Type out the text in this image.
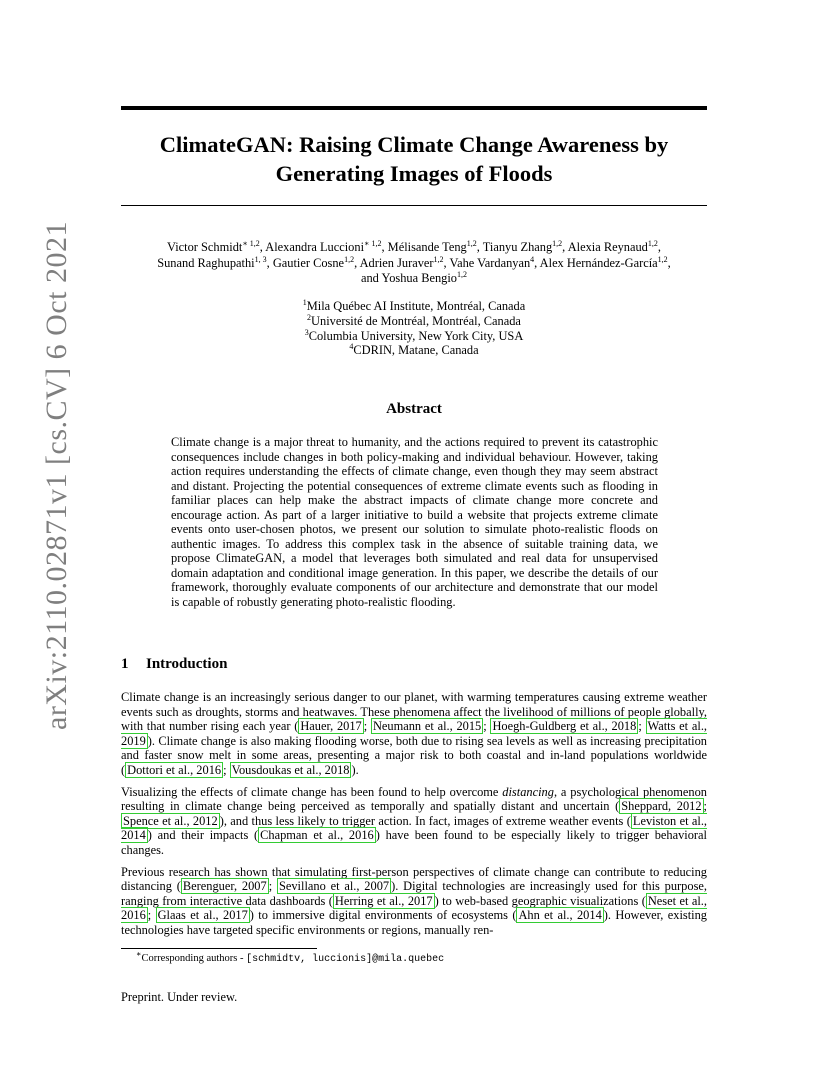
arXiv:2110.02871v1 [cs.CV] 6 Oct 2021
ClimateGAN: Raising Climate Change Awareness by
Generating Images of Floods
Victor Schmidt$^{∗ 1,2}$, Alexandra Luccioni$^{∗ 1,2}$, Mélisande Teng$^{1,2}$, Tianyu Zhang$^{1,2}$, Alexia Reynaud$^{1,2}$,
Sunand Raghupathi$^{1, 3}$, Gautier Cosne$^{1,2}$, Adrien Juraver$^{1,2}$, Vahe Vardanyan$^4$, Alex Hernández-García$^{1,2}$,
and Yoshua Bengio$^{1,2}$
$^1$Mila Québec AI Institute, Montréal, Canada
$^2$Université de Montréal, Montréal, Canada
$^3$Columbia University, New York City, USA
$^4$CDRIN, Matane, Canada
Abstract
Climate change is a major threat to humanity, and the actions required to prevent its catastrophic consequences include changes in both policy-making and individual behaviour. However, taking action requires understanding the effects of climate change, even though they may seem abstract and distant. Projecting the potential consequences of extreme climate events such as flooding in familiar places can help make the abstract impacts of climate change more concrete and encourage action. As part of a larger initiative to build a website that projects extreme climate events onto user-chosen photos, we present our solution to simulate photo-realistic floods on authentic images. To address this complex task in the absence of suitable training data, we propose ClimateGAN, a model that leverages both simulated and real data for unsupervised domain adaptation and conditional image generation. In this paper, we describe the details of our framework, thoroughly evaluate components of our architecture and demonstrate that our model is capable of robustly generating photo-realistic flooding.
1 Introduction

Climate change is an increasingly serious danger to our planet, with warming temperatures causing extreme weather events such as droughts, storms and heatwaves. These phenomena affect the livelihood of millions of people globally, with that number rising each year ( Hauer, 2017 ; Neumann et al., 2015 ; Hoegh-Guldberg et al., 2018 ; Watts et al., 2019 ). Climate change is also making flooding worse, both due to rising sea levels as well as increasing precipitation and faster snow melt in some areas, presenting a major risk to both coastal and in-land populations worldwide ( Dottori et al., 2016 ; Vousdoukas et al., 2018 ).

Visualizing the effects of climate change has been found to help overcome distancing, a psychological phenomenon resulting in climate change being perceived as temporally and spatially distant and uncertain ( Sheppard, 2012 ; Spence et al., 2012 ), and thus less likely to trigger action. In fact, images of extreme weather events ( Leviston et al., 2014 ) and their impacts ( Chapman et al., 2016 ) have been found to be especially likely to trigger behavioral changes.

Previous research has shown that simulating first-person perspectives of climate change can contribute to reducing distancing ( Berenguer, 2007 ; Sevillano et al., 2007 ). Digital technologies are increasingly used for this purpose, ranging from interactive data dashboards ( Herring et al., 2017 ) to web-based geographic visualizations ( Neset et al., 2016 ; Glaas et al., 2017 ) to immersive digital environments of ecosystems ( Ahn et al., 2014 ). However, existing technologies have targeted specific environments or regions, manually ren-

∗Corresponding authors - [schmidtv, luccionis]@mila.quebec
Preprint. Under review.
